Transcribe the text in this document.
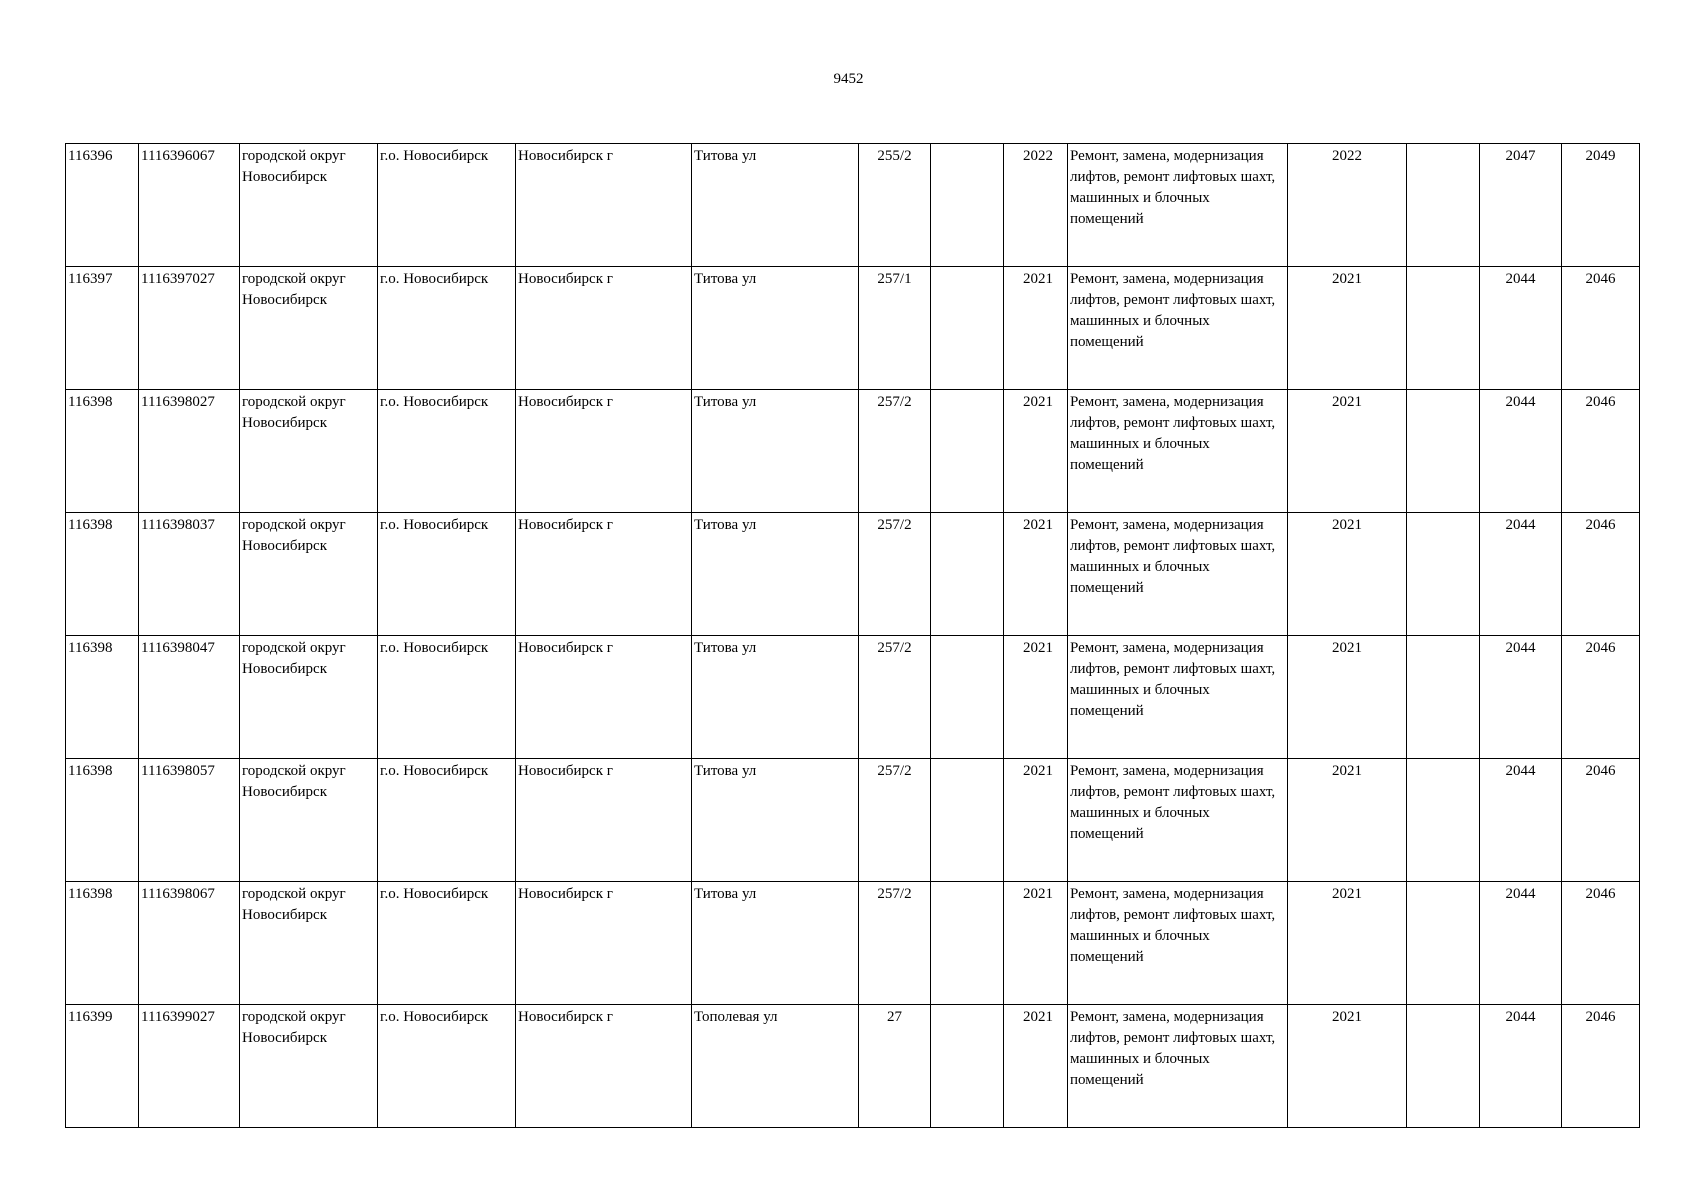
9452
116396	1116396067	городской округ Новосибирск	г.о. Новосибирск	Новосибирск г	Титова ул	255/2		2022	Ремонт, замена, модернизация лифтов, ремонт лифтовых шахт, машинных и блочных помещений	2022		2047	2049
116397	1116397027	городской округ Новосибирск	г.о. Новосибирск	Новосибирск г	Титова ул	257/1		2021	Ремонт, замена, модернизация лифтов, ремонт лифтовых шахт, машинных и блочных помещений	2021		2044	2046
116398	1116398027	городской округ Новосибирск	г.о. Новосибирск	Новосибирск г	Титова ул	257/2		2021	Ремонт, замена, модернизация лифтов, ремонт лифтовых шахт, машинных и блочных помещений	2021		2044	2046
116398	1116398037	городской округ Новосибирск	г.о. Новосибирск	Новосибирск г	Титова ул	257/2		2021	Ремонт, замена, модернизация лифтов, ремонт лифтовых шахт, машинных и блочных помещений	2021		2044	2046
116398	1116398047	городской округ Новосибирск	г.о. Новосибирск	Новосибирск г	Титова ул	257/2		2021	Ремонт, замена, модернизация лифтов, ремонт лифтовых шахт, машинных и блочных помещений	2021		2044	2046
116398	1116398057	городской округ Новосибирск	г.о. Новосибирск	Новосибирск г	Титова ул	257/2		2021	Ремонт, замена, модернизация лифтов, ремонт лифтовых шахт, машинных и блочных помещений	2021		2044	2046
116398	1116398067	городской округ Новосибирск	г.о. Новосибирск	Новосибирск г	Титова ул	257/2		2021	Ремонт, замена, модернизация лифтов, ремонт лифтовых шахт, машинных и блочных помещений	2021		2044	2046
116399	1116399027	городской округ Новосибирск	г.о. Новосибирск	Новосибирск г	Тополевая ул	27		2021	Ремонт, замена, модернизация лифтов, ремонт лифтовых шахт, машинных и блочных помещений	2021		2044	2046
